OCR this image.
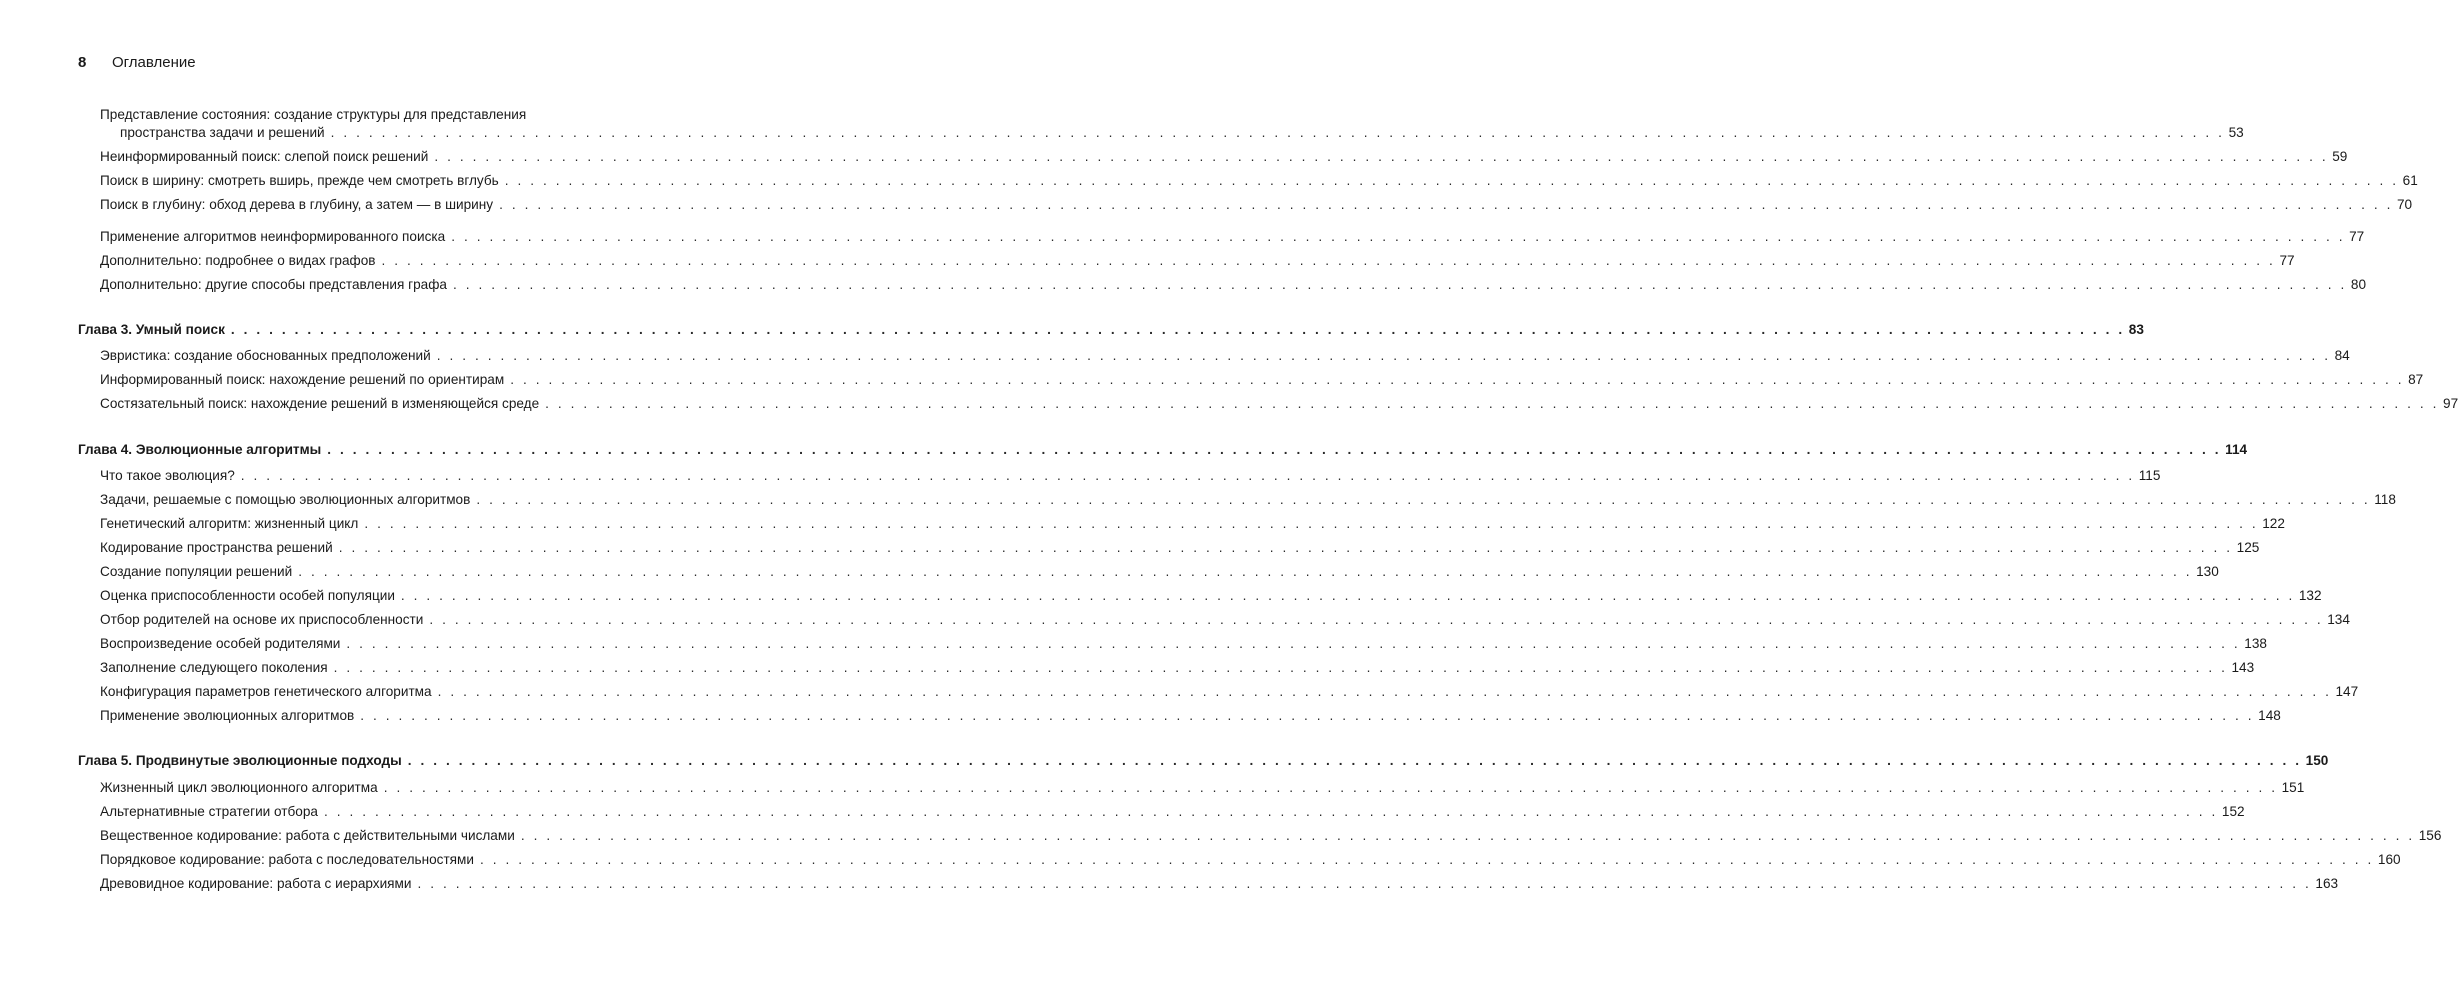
8 Оглавление
Представление состояния: создание структуры для представления
пространства задачи и решений . . .	53
Неинформированный поиск: слепой поиск решений . . .	59
Поиск в ширину: смотреть вширь, прежде чем смотреть вглубь . . .	61
Поиск в глубину: обход дерева в глубину, а затем — в ширину . . .	70
Применение алгоритмов неинформированного поиска . . .	77
Дополнительно: подробнее о видах графов . . .	77
Дополнительно: другие способы представления графа . . .	80
Глава 3. Умный поиск . . .	83
Эвристика: создание обоснованных предположений . . .	84
Информированный поиск: нахождение решений по ориентирам . . .	87
Состязательный поиск: нахождение решений в изменяющейся среде . . .	97
Глава 4. Эволюционные алгоритмы . . .	114
Что такое эволюция? . . .	115
Задачи, решаемые с помощью эволюционных алгоритмов . . .	118
Генетический алгоритм: жизненный цикл . . .	122
Кодирование пространства решений . . .	125
Создание популяции решений . . .	130
Оценка приспособленности особей популяции . . .	132
Отбор родителей на основе их приспособленности . . .	134
Воспроизведение особей родителями . . .	138
Заполнение следующего поколения . . .	143
Конфигурация параметров генетического алгоритма . . .	147
Применение эволюционных алгоритмов . . .	148
Глава 5. Продвинутые эволюционные подходы . . .	150
Жизненный цикл эволюционного алгоритма . . .	151
Альтернативные стратегии отбора . . .	152
Вещественное кодирование: работа с действительными числами . . .	156
Порядковое кодирование: работа с последовательностями . . .	160
Древовидное кодирование: работа с иерархиями . . .	163
